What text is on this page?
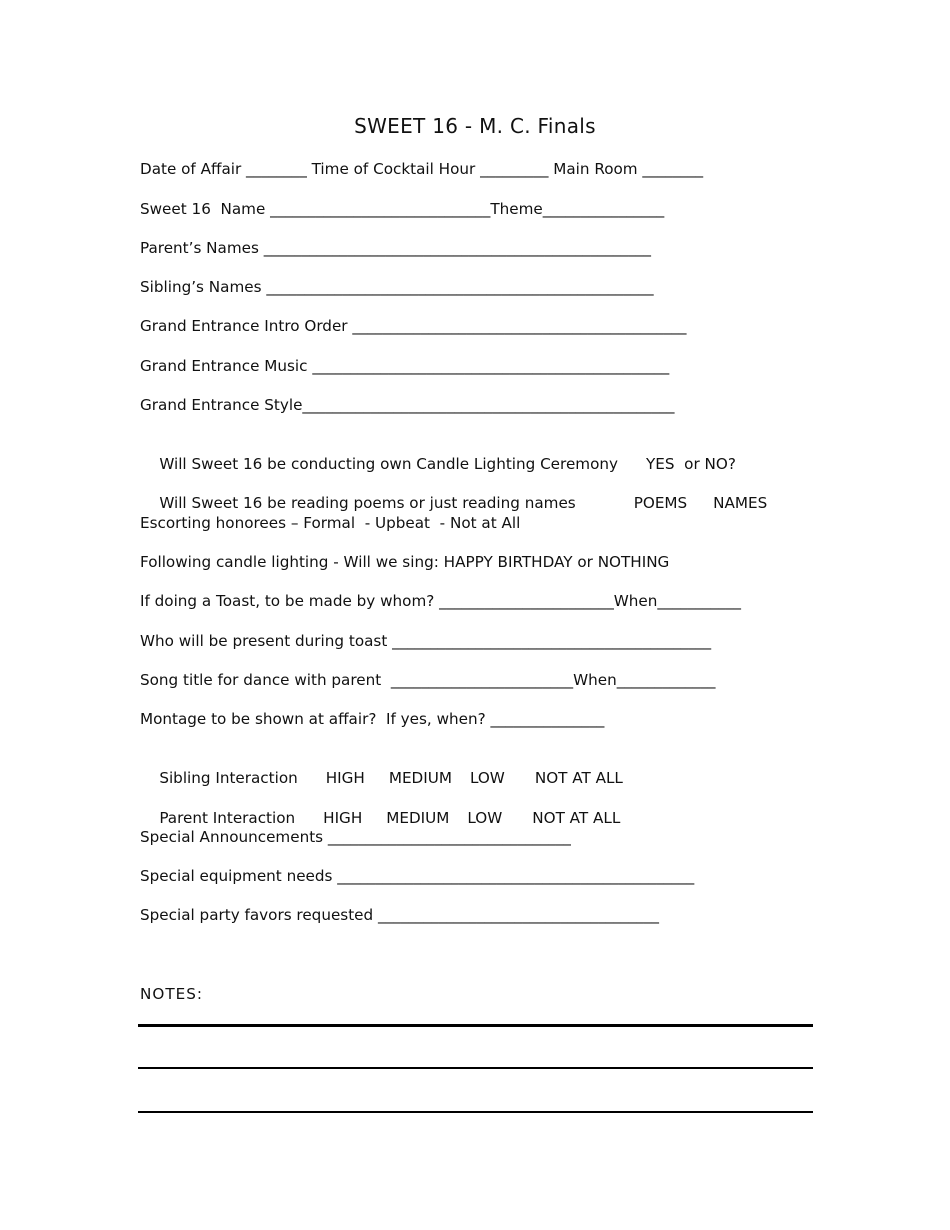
SWEET 16 - M. C. Finals
Date of Affair ________ Time of Cocktail Hour _________ Main Room ________
Sweet 16  Name _____________________________Theme________________
Parent’s Names ___________________________________________________
Sibling’s Names ___________________________________________________
Grand Entrance Intro Order ____________________________________________
Grand Entrance Music _______________________________________________
Grand Entrance Style_________________________________________________

Will Sweet 16 be conducting own Candle Lighting Ceremony YES  or NO?

Will Sweet 16 be reading poems or just reading names	POEMS NAMES

Escorting honorees – Formal  - Upbeat  - Not at All
Following candle lighting - Will we sing: HAPPY BIRTHDAY or NOTHING
If doing a Toast, to be made by whom? _______________________When___________
Who will be present during toast __________________________________________
Song title for dance with parent  ________________________When_____________
Montage to be shown at affair?  If yes, when? _______________

Sibling Interaction HIGH MEDIUM LOW NOT AT ALL

Parent Interaction HIGH MEDIUM LOW NOT AT ALL

Special Announcements ________________________________
Special equipment needs _______________________________________________
Special party favors requested _____________________________________
NOTES:
